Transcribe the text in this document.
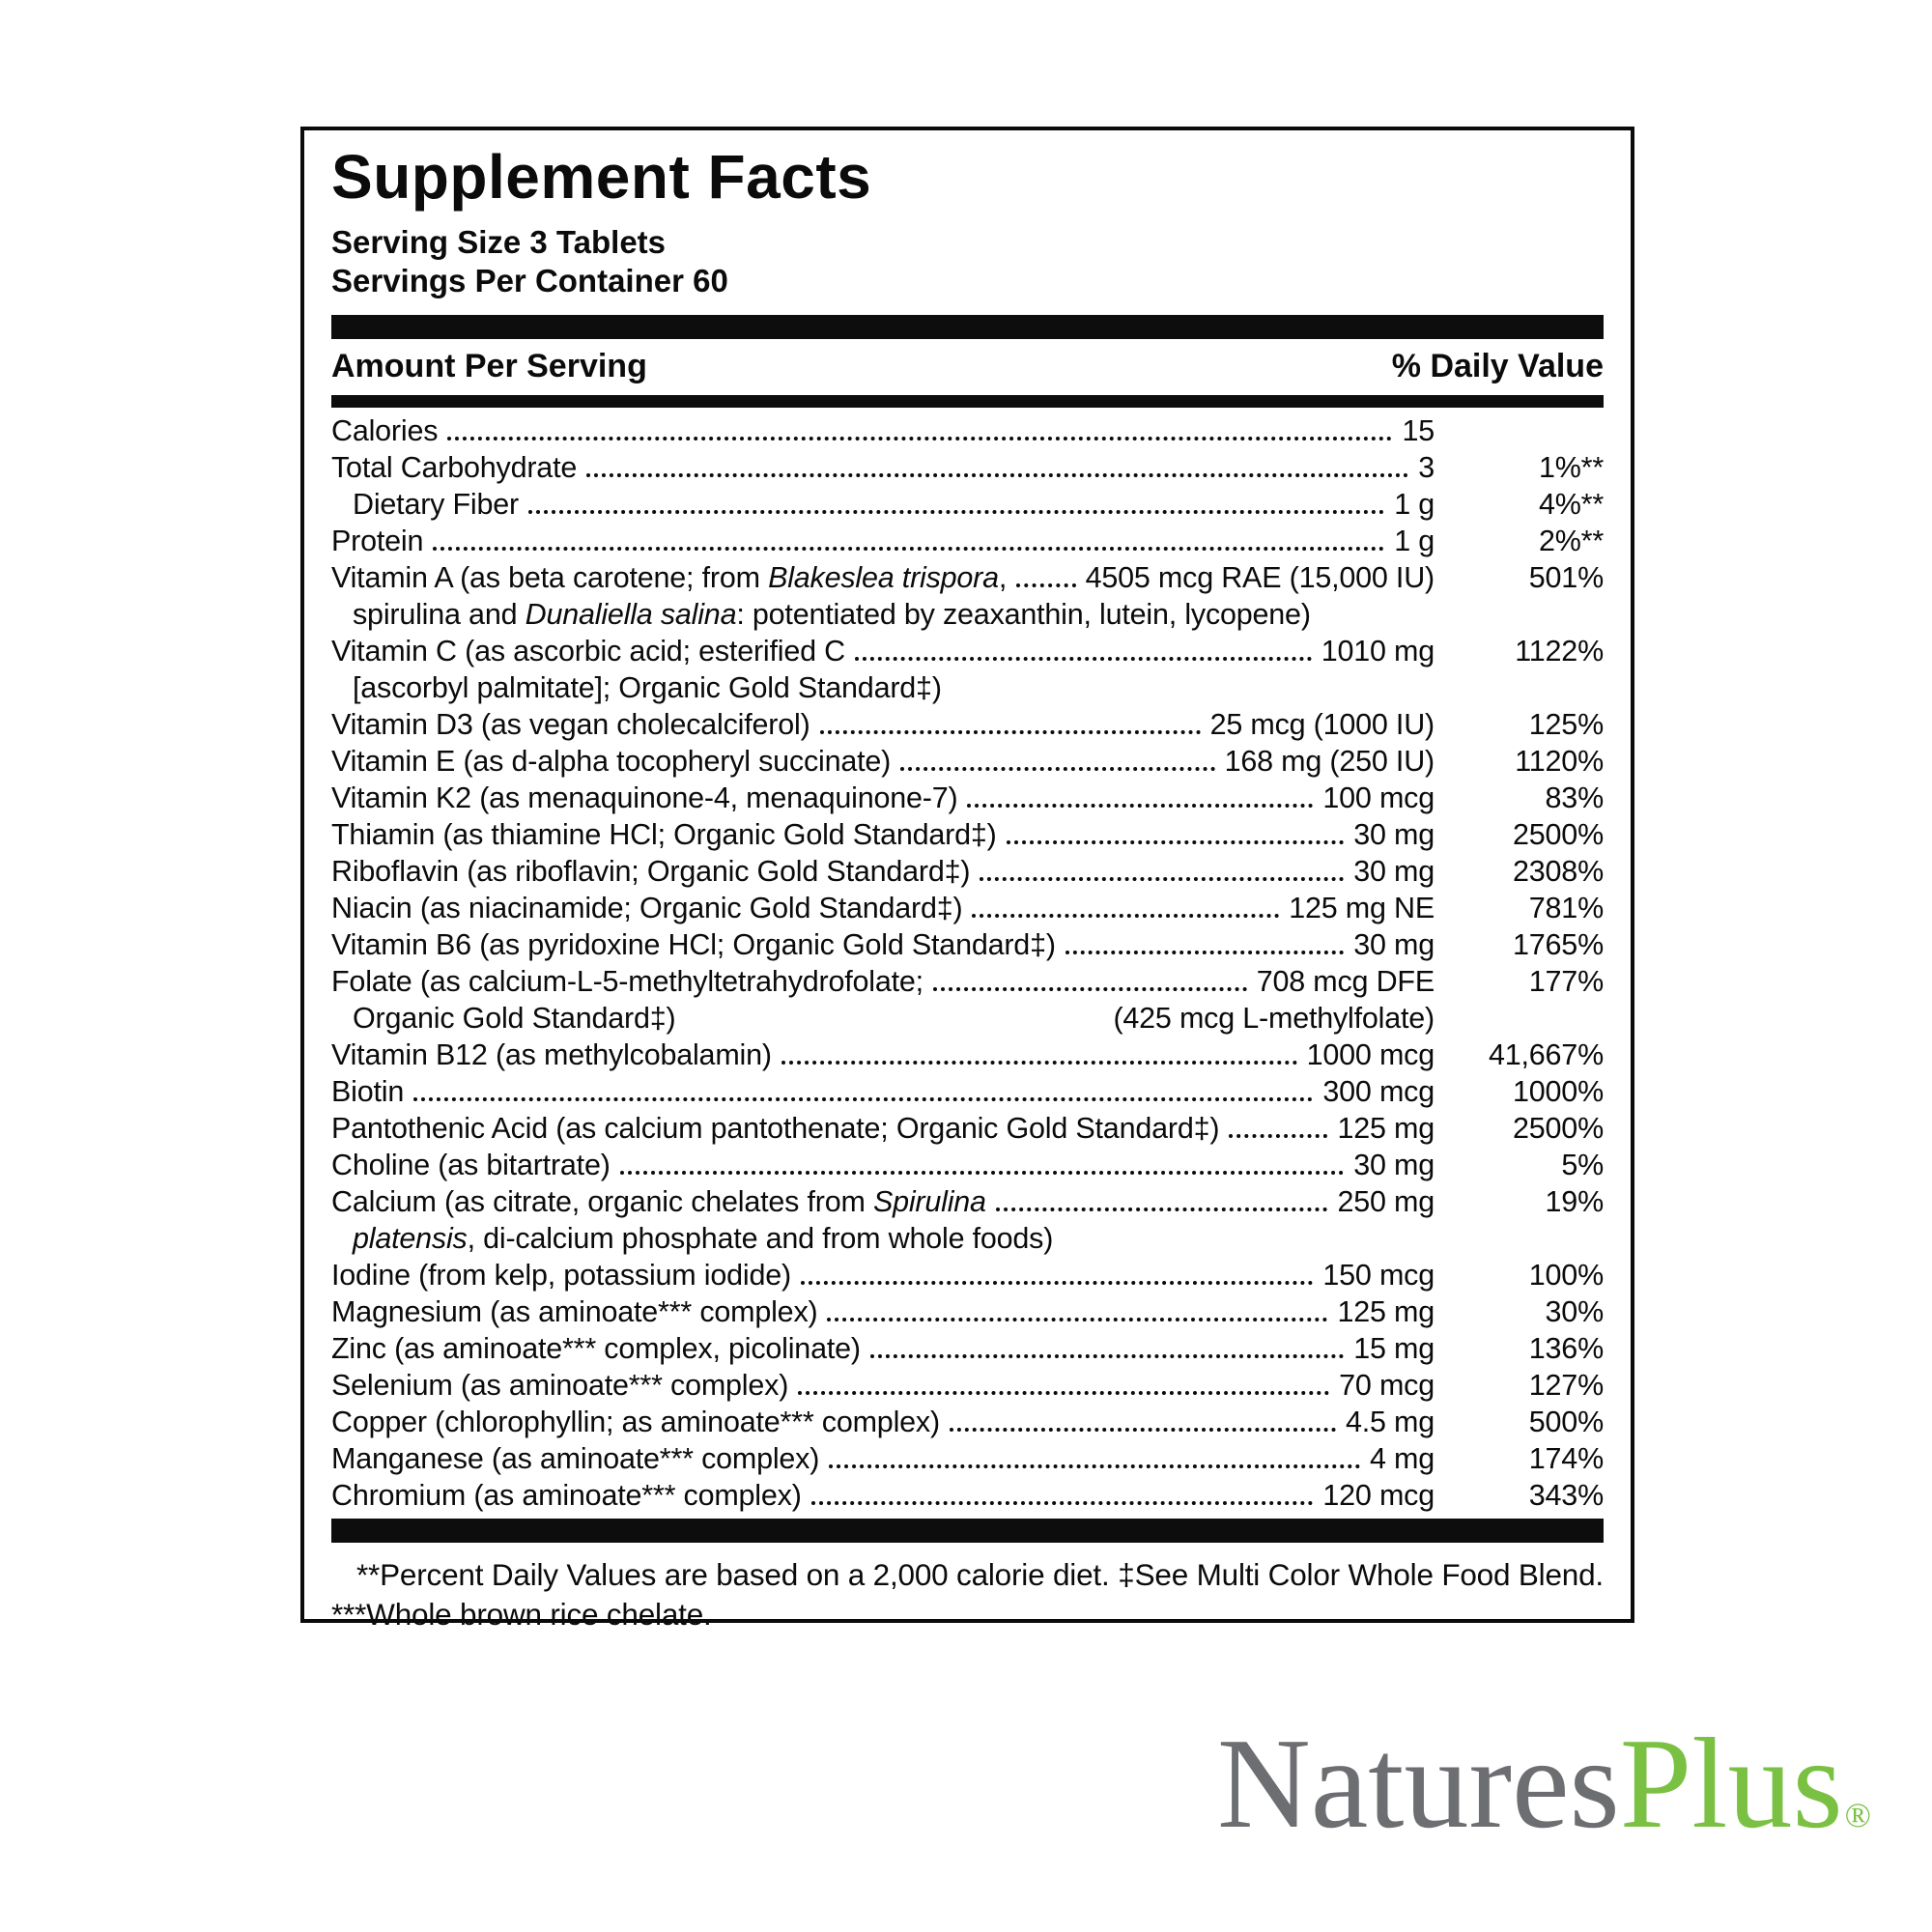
Supplement Facts
Serving Size 3 Tablets
Servings Per Container 60
Amount Per Serving	% Daily Value
Calories	15
Total Carbohydrate	3	1%**
Dietary Fiber	1 g	4%**
Protein	1 g	2%**
Vitamin A (as beta carotene; from Blakeslea trispora,	4505 mcg RAE (15,000 IU)	501%
spirulina and Dunaliella salina: potentiated by zeaxanthin, lutein, lycopene)
Vitamin C (as ascorbic acid; esterified C	1010 mg	1122%
[ascorbyl palmitate]; Organic Gold Standard‡)
Vitamin D3 (as vegan cholecalciferol)	25 mcg (1000 IU)	125%
Vitamin E (as d-alpha tocopheryl succinate)	168 mg (250 IU)	1120%
Vitamin K2 (as menaquinone-4, menaquinone-7)	100 mcg	83%
Thiamin (as thiamine HCl; Organic Gold Standard‡)	30 mg	2500%
Riboflavin (as riboflavin; Organic Gold Standard‡)	30 mg	2308%
Niacin (as niacinamide; Organic Gold Standard‡)	125 mg NE	781%
Vitamin B6 (as pyridoxine HCl; Organic Gold Standard‡)	30 mg	1765%
Folate (as calcium-L-5-methyltetrahydrofolate;	708 mcg DFE	177%
Organic Gold Standard‡)	(425 mcg L-methylfolate)
Vitamin B12 (as methylcobalamin)	1000 mcg	41,667%
Biotin	300 mcg	1000%
Pantothenic Acid (as calcium pantothenate; Organic Gold Standard‡)	125 mg	2500%
Choline (as bitartrate)	30 mg	5%
Calcium (as citrate, organic chelates from Spirulina	250 mg	19%
platensis, di-calcium phosphate and from whole foods)
Iodine (from kelp, potassium iodide)	150 mcg	100%
Magnesium (as aminoate*** complex)	125 mg	30%
Zinc (as aminoate*** complex, picolinate)	15 mg	136%
Selenium (as aminoate*** complex)	70 mcg	127%
Copper (chlorophyllin; as aminoate*** complex)	4.5 mg	500%
Manganese (as aminoate*** complex)	4 mg	174%
Chromium (as aminoate*** complex)	120 mcg	343%
**Percent Daily Values are based on a 2,000 calorie diet. ‡See Multi Color Whole Food Blend.
***Whole brown rice chelate.
NaturesPlus®
